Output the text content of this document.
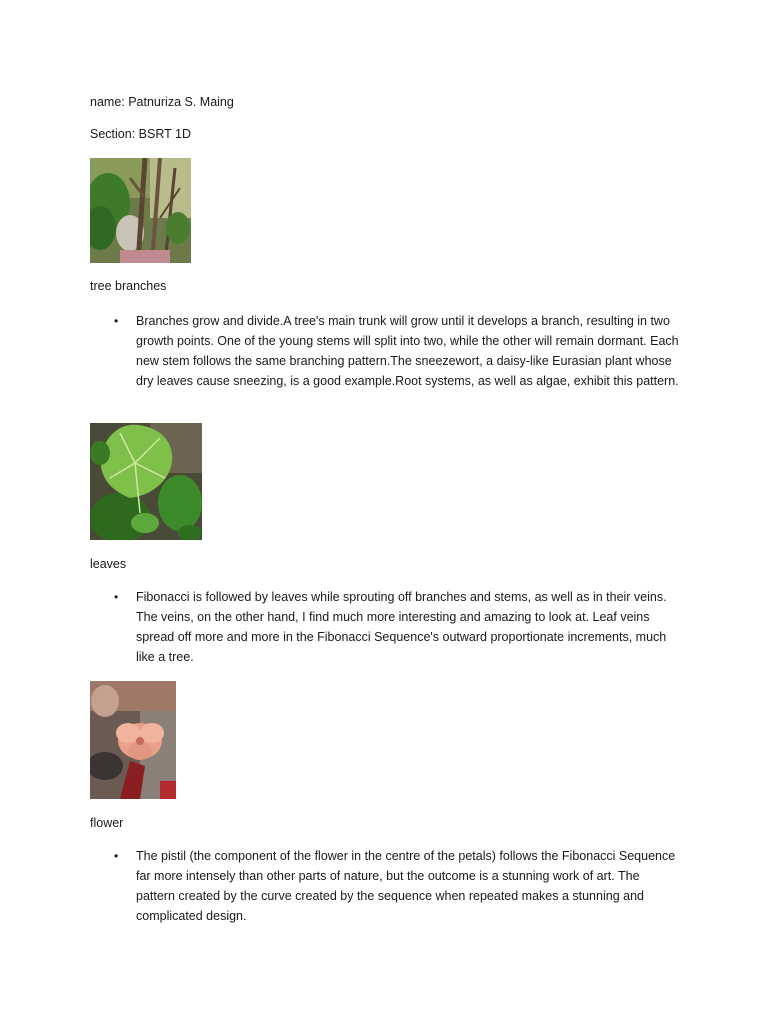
name: Patnuriza S. Maing
Section: BSRT 1D
tree branches
• Branches grow and divide.A tree's main trunk will grow until it develops a branch, resulting in two growth points. One of the young stems will split into two, while the other will remain dormant. Each new stem follows the same branching pattern.The sneezewort, a daisy-like Eurasian plant whose dry leaves cause sneezing, is a good example.Root systems, as well as algae, exhibit this pattern.
leaves
• Fibonacci is followed by leaves while sprouting off branches and stems, as well as in their veins. The veins, on the other hand, I find much more interesting and amazing to look at. Leaf veins spread off more and more in the Fibonacci Sequence's outward proportionate increments, much like a tree.
flower
• The pistil (the component of the flower in the centre of the petals) follows the Fibonacci Sequence far more intensely than other parts of nature, but the outcome is a stunning work of art. The pattern created by the curve created by the sequence when repeated makes a stunning and complicated design.
